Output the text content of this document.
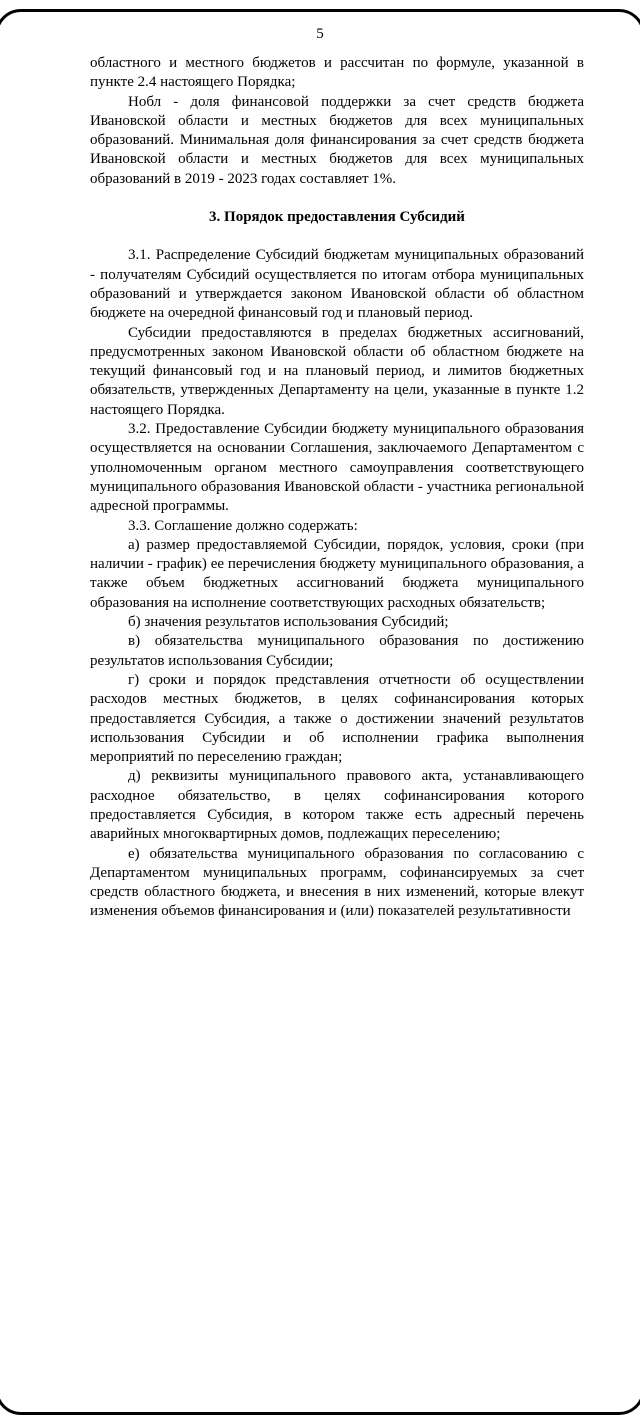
5

областного и местного бюджетов и рассчитан по формуле, указанной в пункте 2.4 настоящего Порядка;

Нобл - доля финансовой поддержки за счет средств бюджета Ивановской области и местных бюджетов для всех муниципальных образований. Минимальная доля финансирования за счет средств бюджета Ивановской области и местных бюджетов для всех муниципальных образований в 2019 - 2023 годах составляет 1%.

3. Порядок предоставления Субсидий

3.1. Распределение Субсидий бюджетам муниципальных образований - получателям Субсидий осуществляется по итогам отбора муниципальных образований и утверждается законом Ивановской области об областном бюджете на очередной финансовый год и плановый период.

Субсидии предоставляются в пределах бюджетных ассигнований, предусмотренных законом Ивановской области об областном бюджете на текущий финансовый год и на плановый период, и лимитов бюджетных обязательств, утвержденных Департаменту на цели, указанные в пункте 1.2 настоящего Порядка.

3.2. Предоставление Субсидии бюджету муниципального образования осуществляется на основании Соглашения, заключаемого Департаментом с уполномоченным органом местного самоуправления соответствующего муниципального образования Ивановской области - участника региональной адресной программы.

3.3. Соглашение должно содержать:

а) размер предоставляемой Субсидии, порядок, условия, сроки (при наличии - график) ее перечисления бюджету муниципального образования, а также объем бюджетных ассигнований бюджета муниципального образования на исполнение соответствующих расходных обязательств;

б) значения результатов использования Субсидий;

в) обязательства муниципального образования по достижению результатов использования Субсидии;

г) сроки и порядок представления отчетности об осуществлении расходов местных бюджетов, в целях софинансирования которых предоставляется Субсидия, а также о достижении значений результатов использования Субсидии и об исполнении графика выполнения мероприятий по переселению граждан;

д) реквизиты муниципального правового акта, устанавливающего расходное обязательство, в целях софинансирования которого предоставляется Субсидия, в котором также есть адресный перечень аварийных многоквартирных домов, подлежащих переселению;

е) обязательства муниципального образования по согласованию с Департаментом муниципальных программ, софинансируемых за счет средств областного бюджета, и внесения в них изменений, которые влекут изменения объемов финансирования и (или) показателей результативности
